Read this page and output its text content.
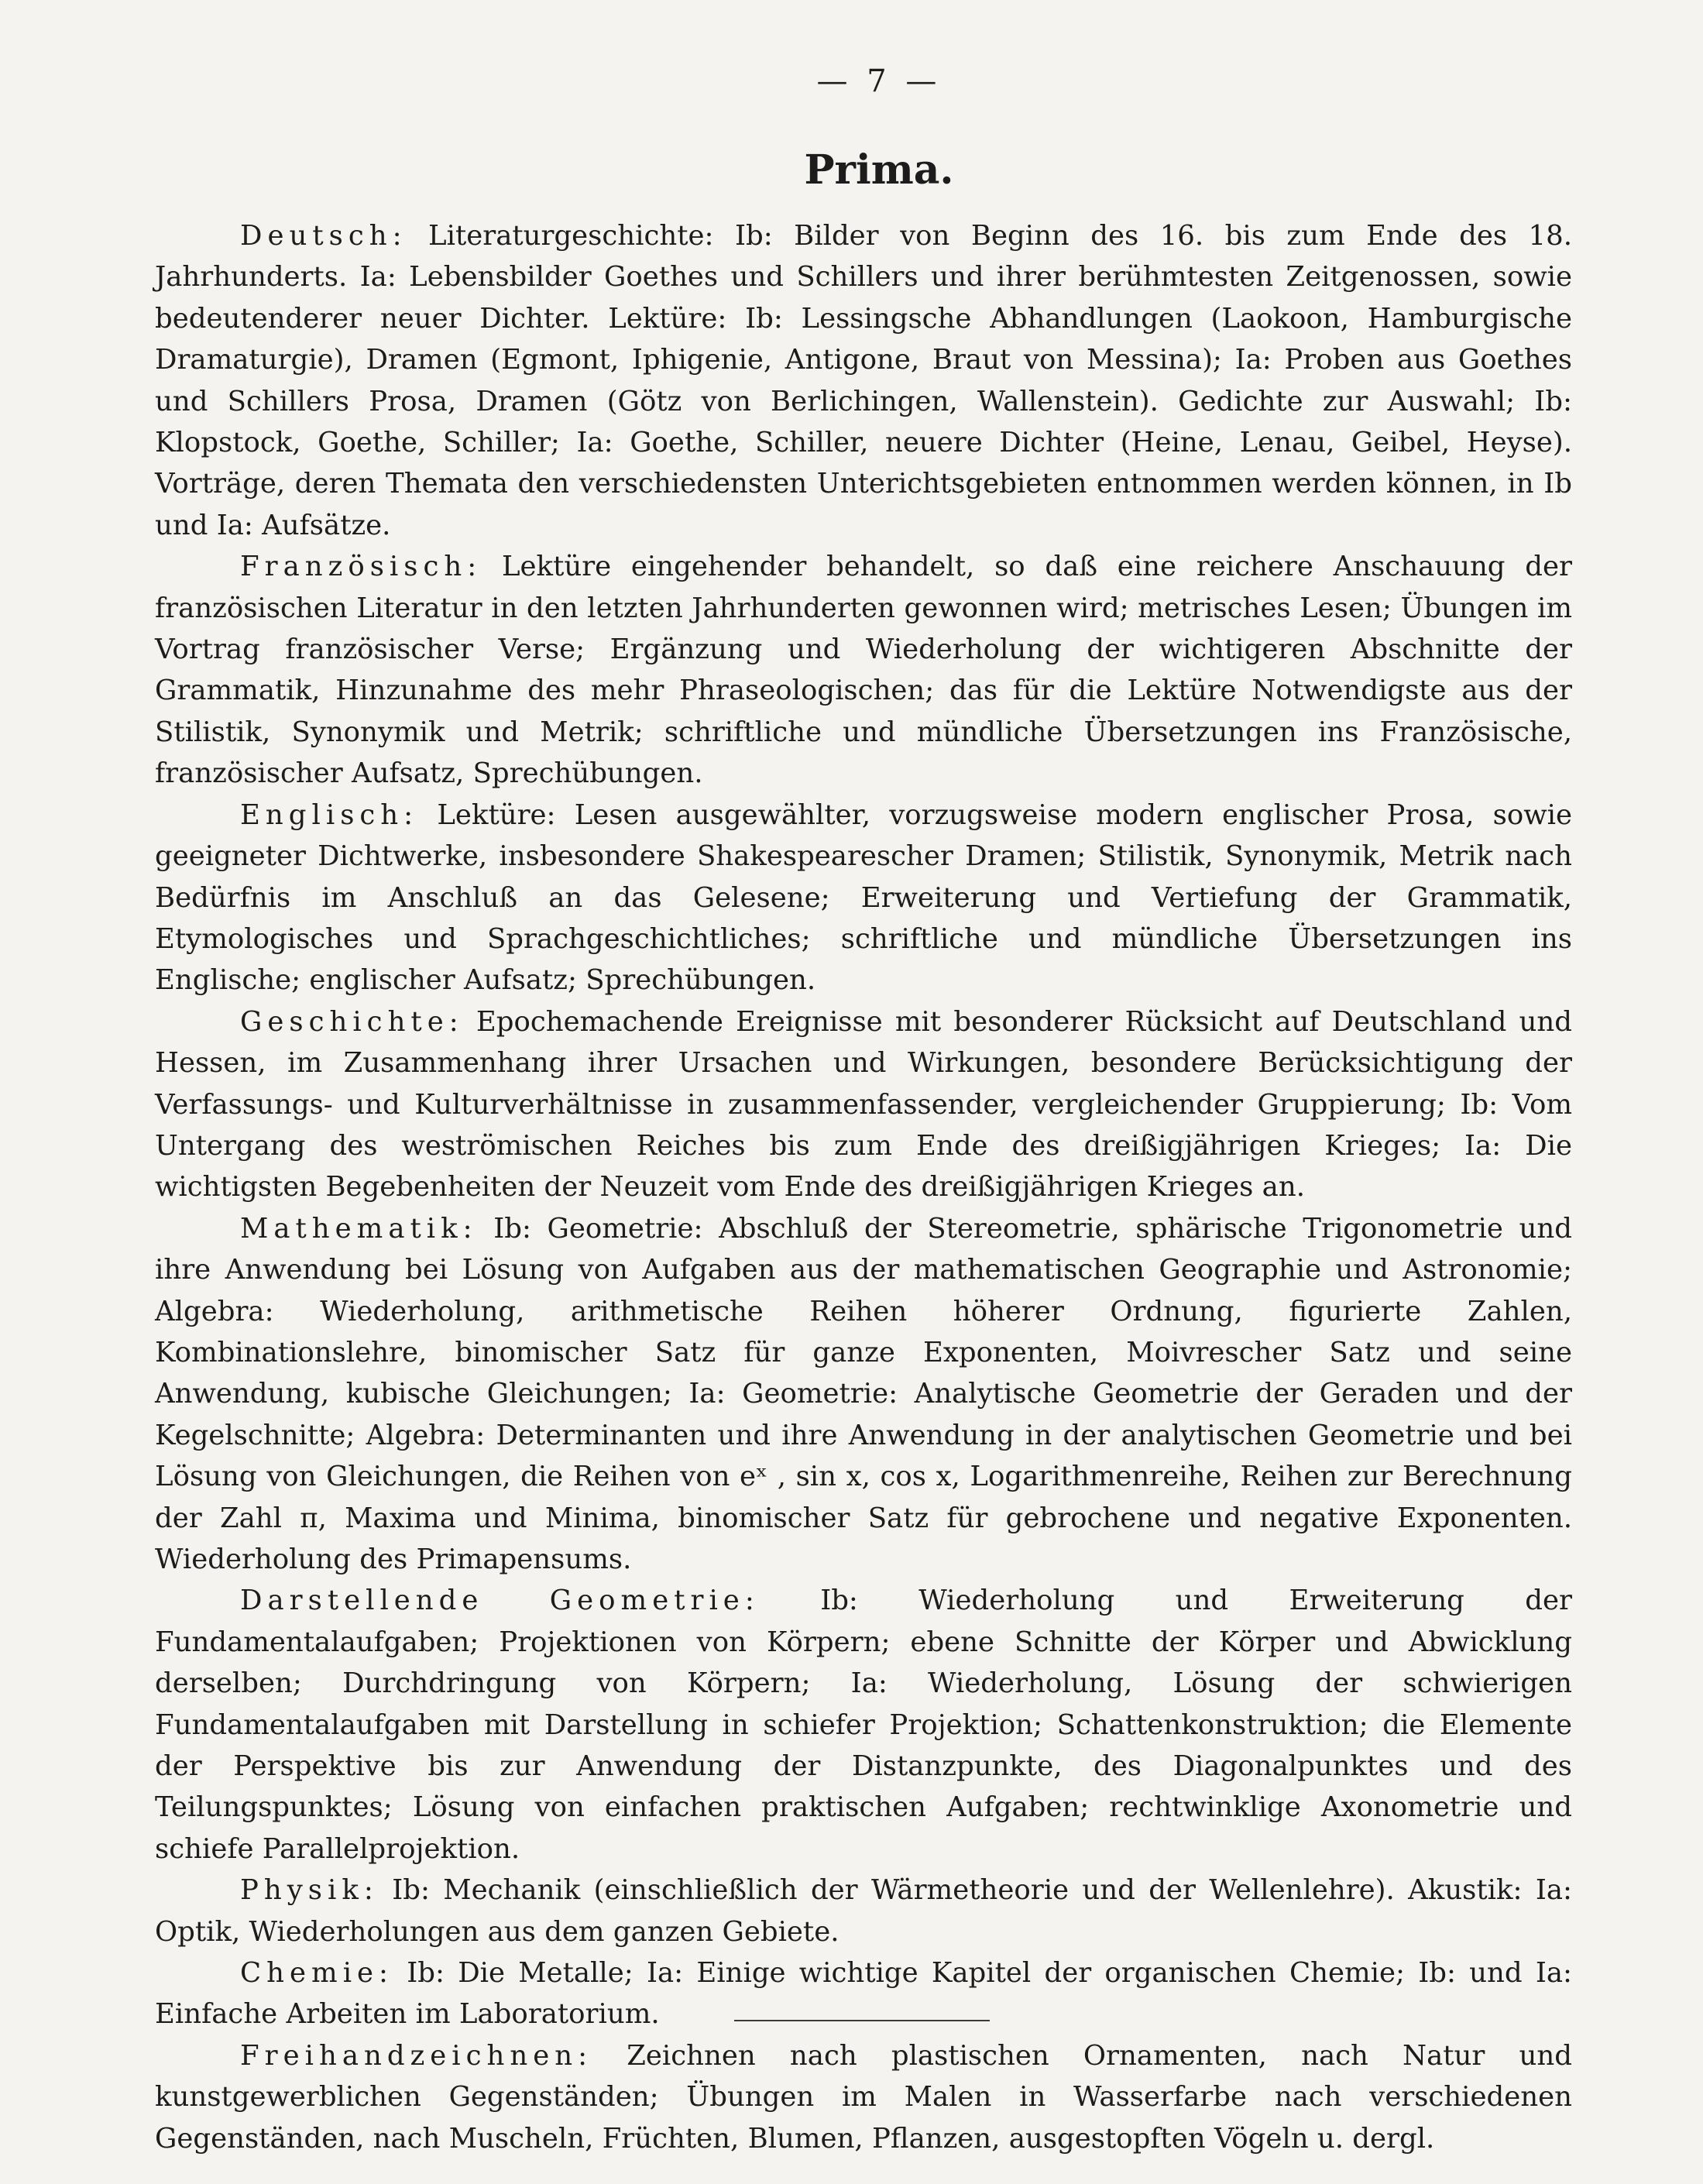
— 7 —
Prima.

Deutsch: Literaturgeschichte: Ib: Bilder von Beginn des 16. bis zum Ende des 18. Jahrhunderts. Ia: Lebensbilder Goethes und Schillers und ihrer berühmtesten Zeitgenossen, sowie bedeutenderer neuer Dichter. Lektüre: Ib: Lessingsche Abhandlungen (Laokoon, Hamburgische Dramaturgie), Dramen (Egmont, Iphigenie, Antigone, Braut von Messina); Ia: Proben aus Goethes und Schillers Prosa, Dramen (Götz von Berlichingen, Wallenstein). Gedichte zur Auswahl; Ib: Klopstock, Goethe, Schiller; Ia: Goethe, Schiller, neuere Dichter (Heine, Lenau, Geibel, Heyse). Vorträge, deren Themata den verschiedensten Unterichtsgebieten entnommen werden können, in Ib und Ia: Aufsätze.

Französisch: Lektüre eingehender behandelt, so daß eine reichere Anschauung der französischen Literatur in den letzten Jahrhunderten gewonnen wird; metrisches Lesen; Übungen im Vortrag französischer Verse; Ergänzung und Wiederholung der wichtigeren Abschnitte der Grammatik, Hinzunahme des mehr Phraseologischen; das für die Lektüre Notwendigste aus der Stilistik, Synonymik und Metrik; schriftliche und mündliche Übersetzungen ins Französische, französischer Aufsatz, Sprechübungen.

Englisch: Lektüre: Lesen ausgewählter, vorzugsweise modern englischer Prosa, sowie geeigneter Dichtwerke, insbesondere Shakespearescher Dramen; Stilistik, Synonymik, Metrik nach Bedürfnis im Anschluß an das Gelesene; Erweiterung und Vertiefung der Grammatik, Etymologisches und Sprachgeschichtliches; schriftliche und mündliche Übersetzungen ins Englische; englischer Aufsatz; Sprechübungen.

Geschichte: Epochemachende Ereignisse mit besonderer Rücksicht auf Deutschland und Hessen, im Zusammenhang ihrer Ursachen und Wirkungen, besondere Berücksichtigung der Verfassungs- und Kulturverhältnisse in zusammenfassender, vergleichender Gruppierung; Ib: Vom Untergang des weströmischen Reiches bis zum Ende des dreißigjährigen Krieges; Ia: Die wichtigsten Begebenheiten der Neuzeit vom Ende des dreißigjährigen Krieges an.

Mathematik: Ib: Geometrie: Abschluß der Stereometrie, sphärische Trigonometrie und ihre Anwendung bei Lösung von Aufgaben aus der mathematischen Geographie und Astronomie; Algebra: Wiederholung, arithmetische Reihen höherer Ordnung, figurierte Zahlen, Kombinationslehre, binomischer Satz für ganze Exponenten, Moivrescher Satz und seine Anwendung, kubische Gleichungen; Ia: Geometrie: Analytische Geometrie der Geraden und der Kegelschnitte; Algebra: Determinanten und ihre Anwendung in der analytischen Geometrie und bei Lösung von Gleichungen, die Reihen von eˣ , sin x, cos x, Logarithmenreihe, Reihen zur Berechnung der Zahl π, Maxima und Minima, binomischer Satz für gebrochene und negative Exponenten. Wiederholung des Primapensums.

Darstellende Geometrie: Ib: Wiederholung und Erweiterung der Fundamentalaufgaben; Projektionen von Körpern; ebene Schnitte der Körper und Abwicklung derselben; Durchdringung von Körpern; Ia: Wiederholung, Lösung der schwierigen Fundamentalaufgaben mit Darstellung in schiefer Projektion; Schattenkonstruktion; die Elemente der Perspektive bis zur Anwendung der Distanzpunkte, des Diagonalpunktes und des Teilungspunktes; Lösung von einfachen praktischen Aufgaben; rechtwinklige Axonometrie und schiefe Parallelprojektion.

Physik: Ib: Mechanik (einschließlich der Wärmetheorie und der Wellenlehre). Akustik: Ia: Optik, Wiederholungen aus dem ganzen Gebiete.

Chemie: Ib: Die Metalle; Ia: Einige wichtige Kapitel der organischen Chemie; Ib: und Ia: Einfache Arbeiten im Laboratorium.

Freihandzeichnen: Zeichnen nach plastischen Ornamenten, nach Natur und kunstgewerblichen Gegenständen; Übungen im Malen in Wasserfarbe nach verschiedenen Gegenständen, nach Muscheln, Früchten, Blumen, Pflanzen, ausgestopften Vögeln u. dergl.
